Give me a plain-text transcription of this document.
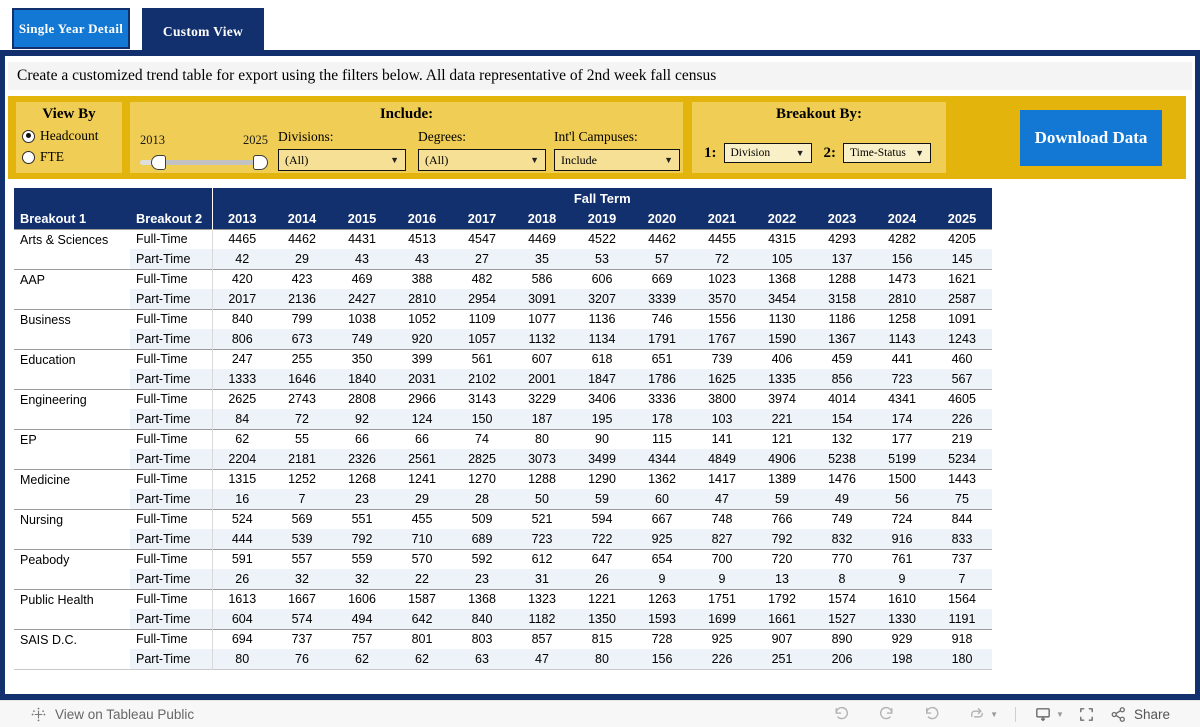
Single Year Detail	Custom View
Create a customized trend table for export using the filters below. All data representative of 2nd week fall census
View By
Headcount
FTE
Include:
2013	2025 Divisions:
(All)	▼
Degrees:
(All)	▼
Int'l Campuses:
Include	▼
Breakout By:
1: Division	▼ 2: Time-Status ▼
Download Data
		Fall Term												
Breakout 1	Breakout 2	2013	2014	2015	2016	2017	2018	2019	2020	2021	2022	2023	2024	2025
Arts & Sciences	Full-Time	4465	4462	4431	4513	4547	4469	4522	4462	4455	4315	4293	4282	4205
	Part-Time	42	29	43	43	27	35	53	57	72	105	137	156	145
AAP	Full-Time	420	423	469	388	482	586	606	669	1023	1368	1288	1473	1621
	Part-Time	2017	2136	2427	2810	2954	3091	3207	3339	3570	3454	3158	2810	2587
Business	Full-Time	840	799	1038	1052	1109	1077	1136	746	1556	1130	1186	1258	1091
	Part-Time	806	673	749	920	1057	1132	1134	1791	1767	1590	1367	1143	1243
Education	Full-Time	247	255	350	399	561	607	618	651	739	406	459	441	460
	Part-Time	1333	1646	1840	2031	2102	2001	1847	1786	1625	1335	856	723	567
Engineering	Full-Time	2625	2743	2808	2966	3143	3229	3406	3336	3800	3974	4014	4341	4605
	Part-Time	84	72	92	124	150	187	195	178	103	221	154	174	226
EP	Full-Time	62	55	66	66	74	80	90	115	141	121	132	177	219
	Part-Time	2204	2181	2326	2561	2825	3073	3499	4344	4849	4906	5238	5199	5234
Medicine	Full-Time	1315	1252	1268	1241	1270	1288	1290	1362	1417	1389	1476	1500	1443
	Part-Time	16	7	23	29	28	50	59	60	47	59	49	56	75
Nursing	Full-Time	524	569	551	455	509	521	594	667	748	766	749	724	844
	Part-Time	444	539	792	710	689	723	722	925	827	792	832	916	833
Peabody	Full-Time	591	557	559	570	592	612	647	654	700	720	770	761	737
	Part-Time	26	32	32	22	23	31	26	9	9	13	8	9	7
Public Health	Full-Time	1613	1667	1606	1587	1368	1323	1221	1263	1751	1792	1574	1610	1564
	Part-Time	604	574	494	642	840	1182	1350	1593	1699	1661	1527	1330	1191
SAIS D.C.	Full-Time	694	737	757	801	803	857	815	728	925	907	890	929	918
	Part-Time	80	76	62	62	63	47	80	156	226	251	206	198	180
View on Tableau Public	▼	▼	Share
